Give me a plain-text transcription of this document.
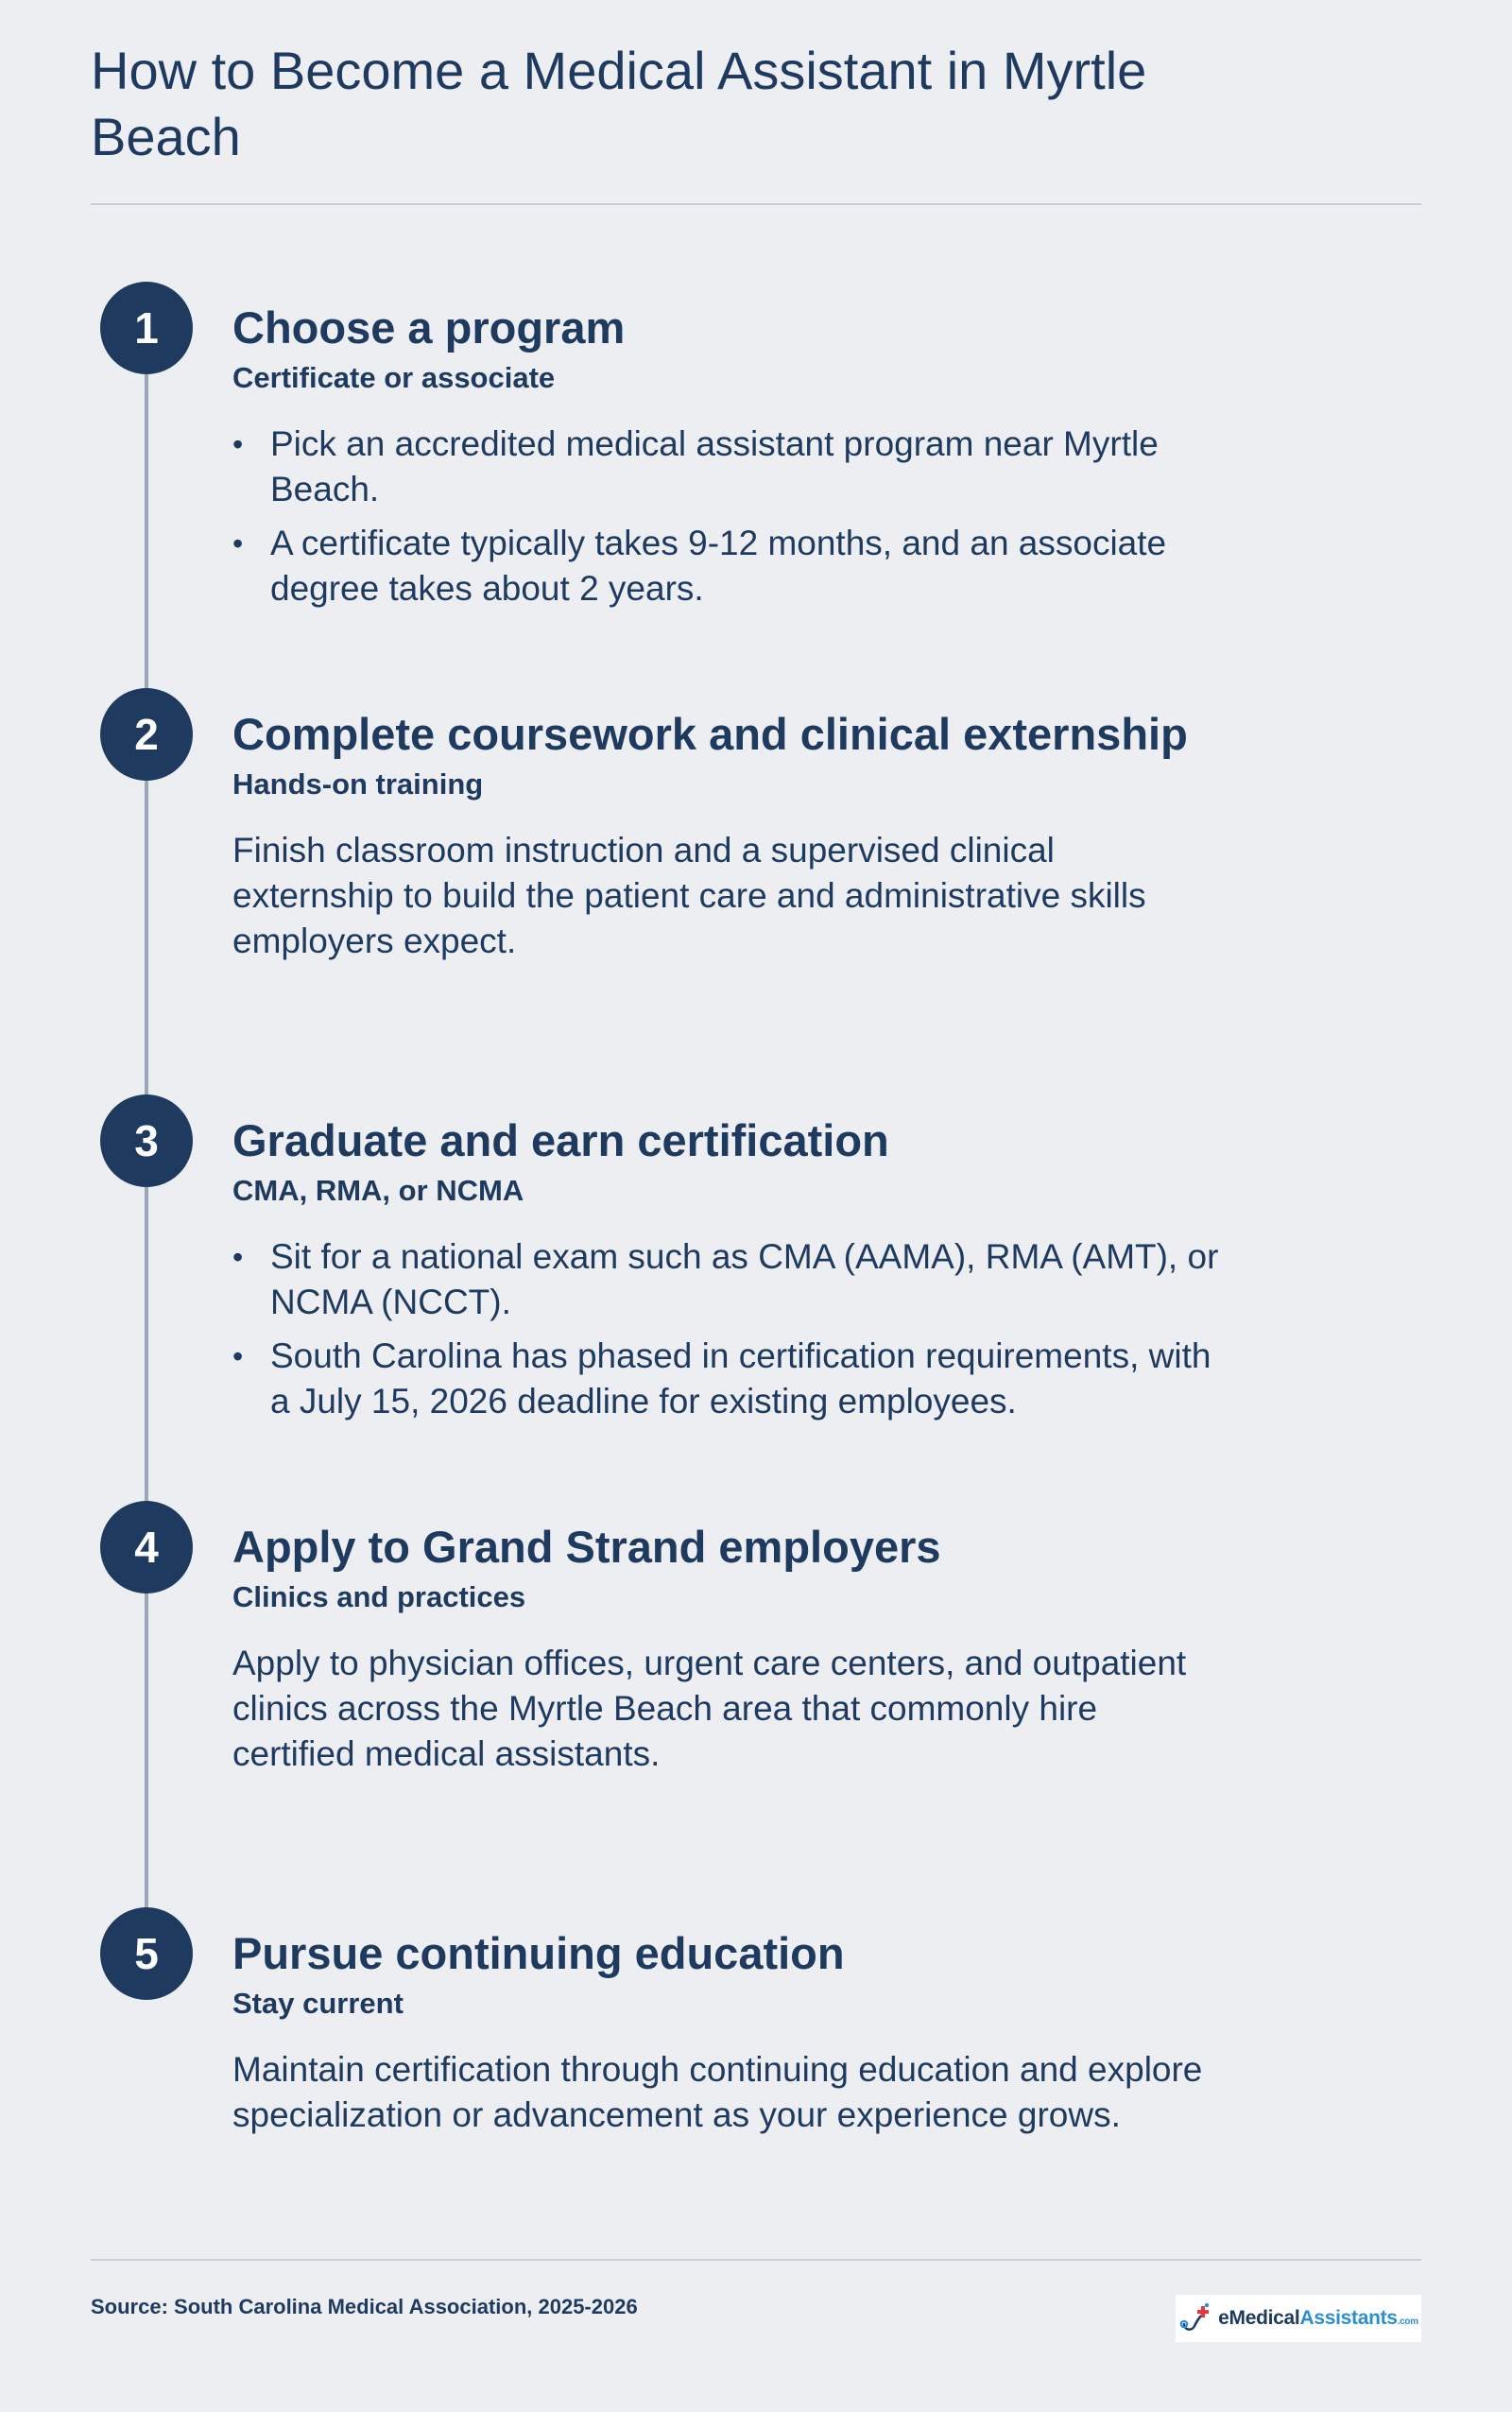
How to Become a Medical Assistant in Myrtle Beach
1	Choose a program
Certificate or associate
• Pick an accredited medical assistant program near Myrtle Beach.
• A certificate typically takes 9-12 months, and an associate degree takes about 2 years.
2	Complete coursework and clinical externship
Hands-on training

Finish classroom instruction and a supervised clinical externship to build the patient care and administrative skills employers expect.

3	Graduate and earn certification
CMA, RMA, or NCMA
• Sit for a national exam such as CMA (AAMA), RMA (AMT), or NCMA (NCCT).
• South Carolina has phased in certification requirements, with a July 15, 2026 deadline for existing employees.
4	Apply to Grand Strand employers
Clinics and practices

Apply to physician offices, urgent care centers, and outpatient clinics across the Myrtle Beach area that commonly hire certified medical assistants.

5	Pursue continuing education
Stay current

Maintain certification through continuing education and explore specialization or advancement as your experience grows.

Source: South Carolina Medical Association, 2025-2026	eMedicalAssistants.com
